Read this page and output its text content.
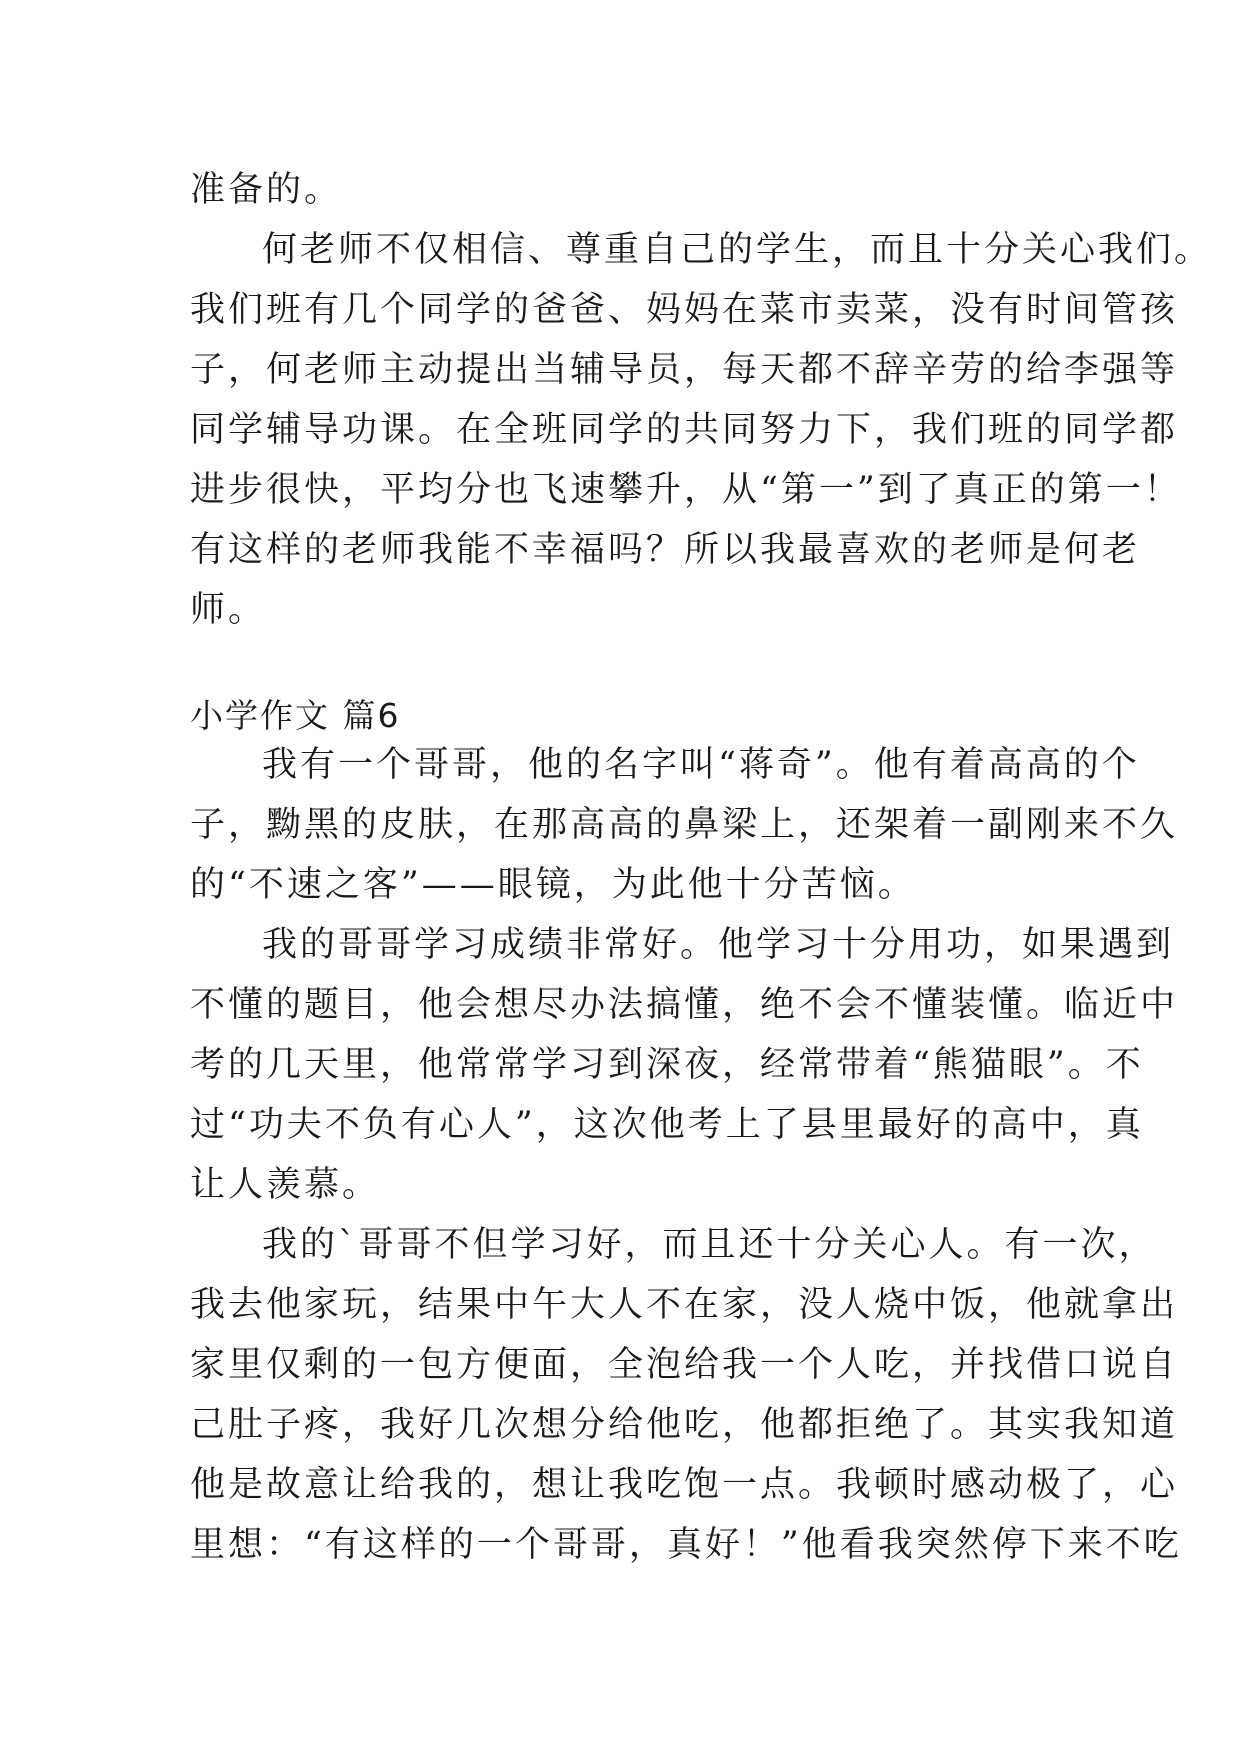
准备的。
何老师不仅相信、尊重自己的学生，而且十分关心我们。
我们班有几个同学的爸爸、妈妈在菜市卖菜，没有时间管孩
子，何老师主动提出当辅导员，每天都不辞辛劳的给李强等
同学辅导功课。在全班同学的共同努力下，我们班的同学都
进步很快，平均分也飞速攀升，从“第一”到了真正的第一！
有这样的老师我能不幸福吗？所以我最喜欢的老师是何老
师。
小学作文 篇6
我有一个哥哥，他的名字叫“蒋奇”。他有着高高的个
子，黝黑的皮肤，在那高高的鼻梁上，还架着一副刚来不久
的“不速之客”——眼镜，为此他十分苦恼。
我的哥哥学习成绩非常好。他学习十分用功，如果遇到
不懂的题目，他会想尽办法搞懂，绝不会不懂装懂。临近中
考的几天里，他常常学习到深夜，经常带着“熊猫眼”。不
过“功夫不负有心人”，这次他考上了县里最好的高中，真
让人羡慕。
我的`哥哥不但学习好，而且还十分关心人。有一次，
我去他家玩，结果中午大人不在家，没人烧中饭，他就拿出
家里仅剩的一包方便面，全泡给我一个人吃，并找借口说自
己肚子疼，我好几次想分给他吃，他都拒绝了。其实我知道
他是故意让给我的，想让我吃饱一点。我顿时感动极了，心
里想：“有这样的一个哥哥，真好！”他看我突然停下来不吃
